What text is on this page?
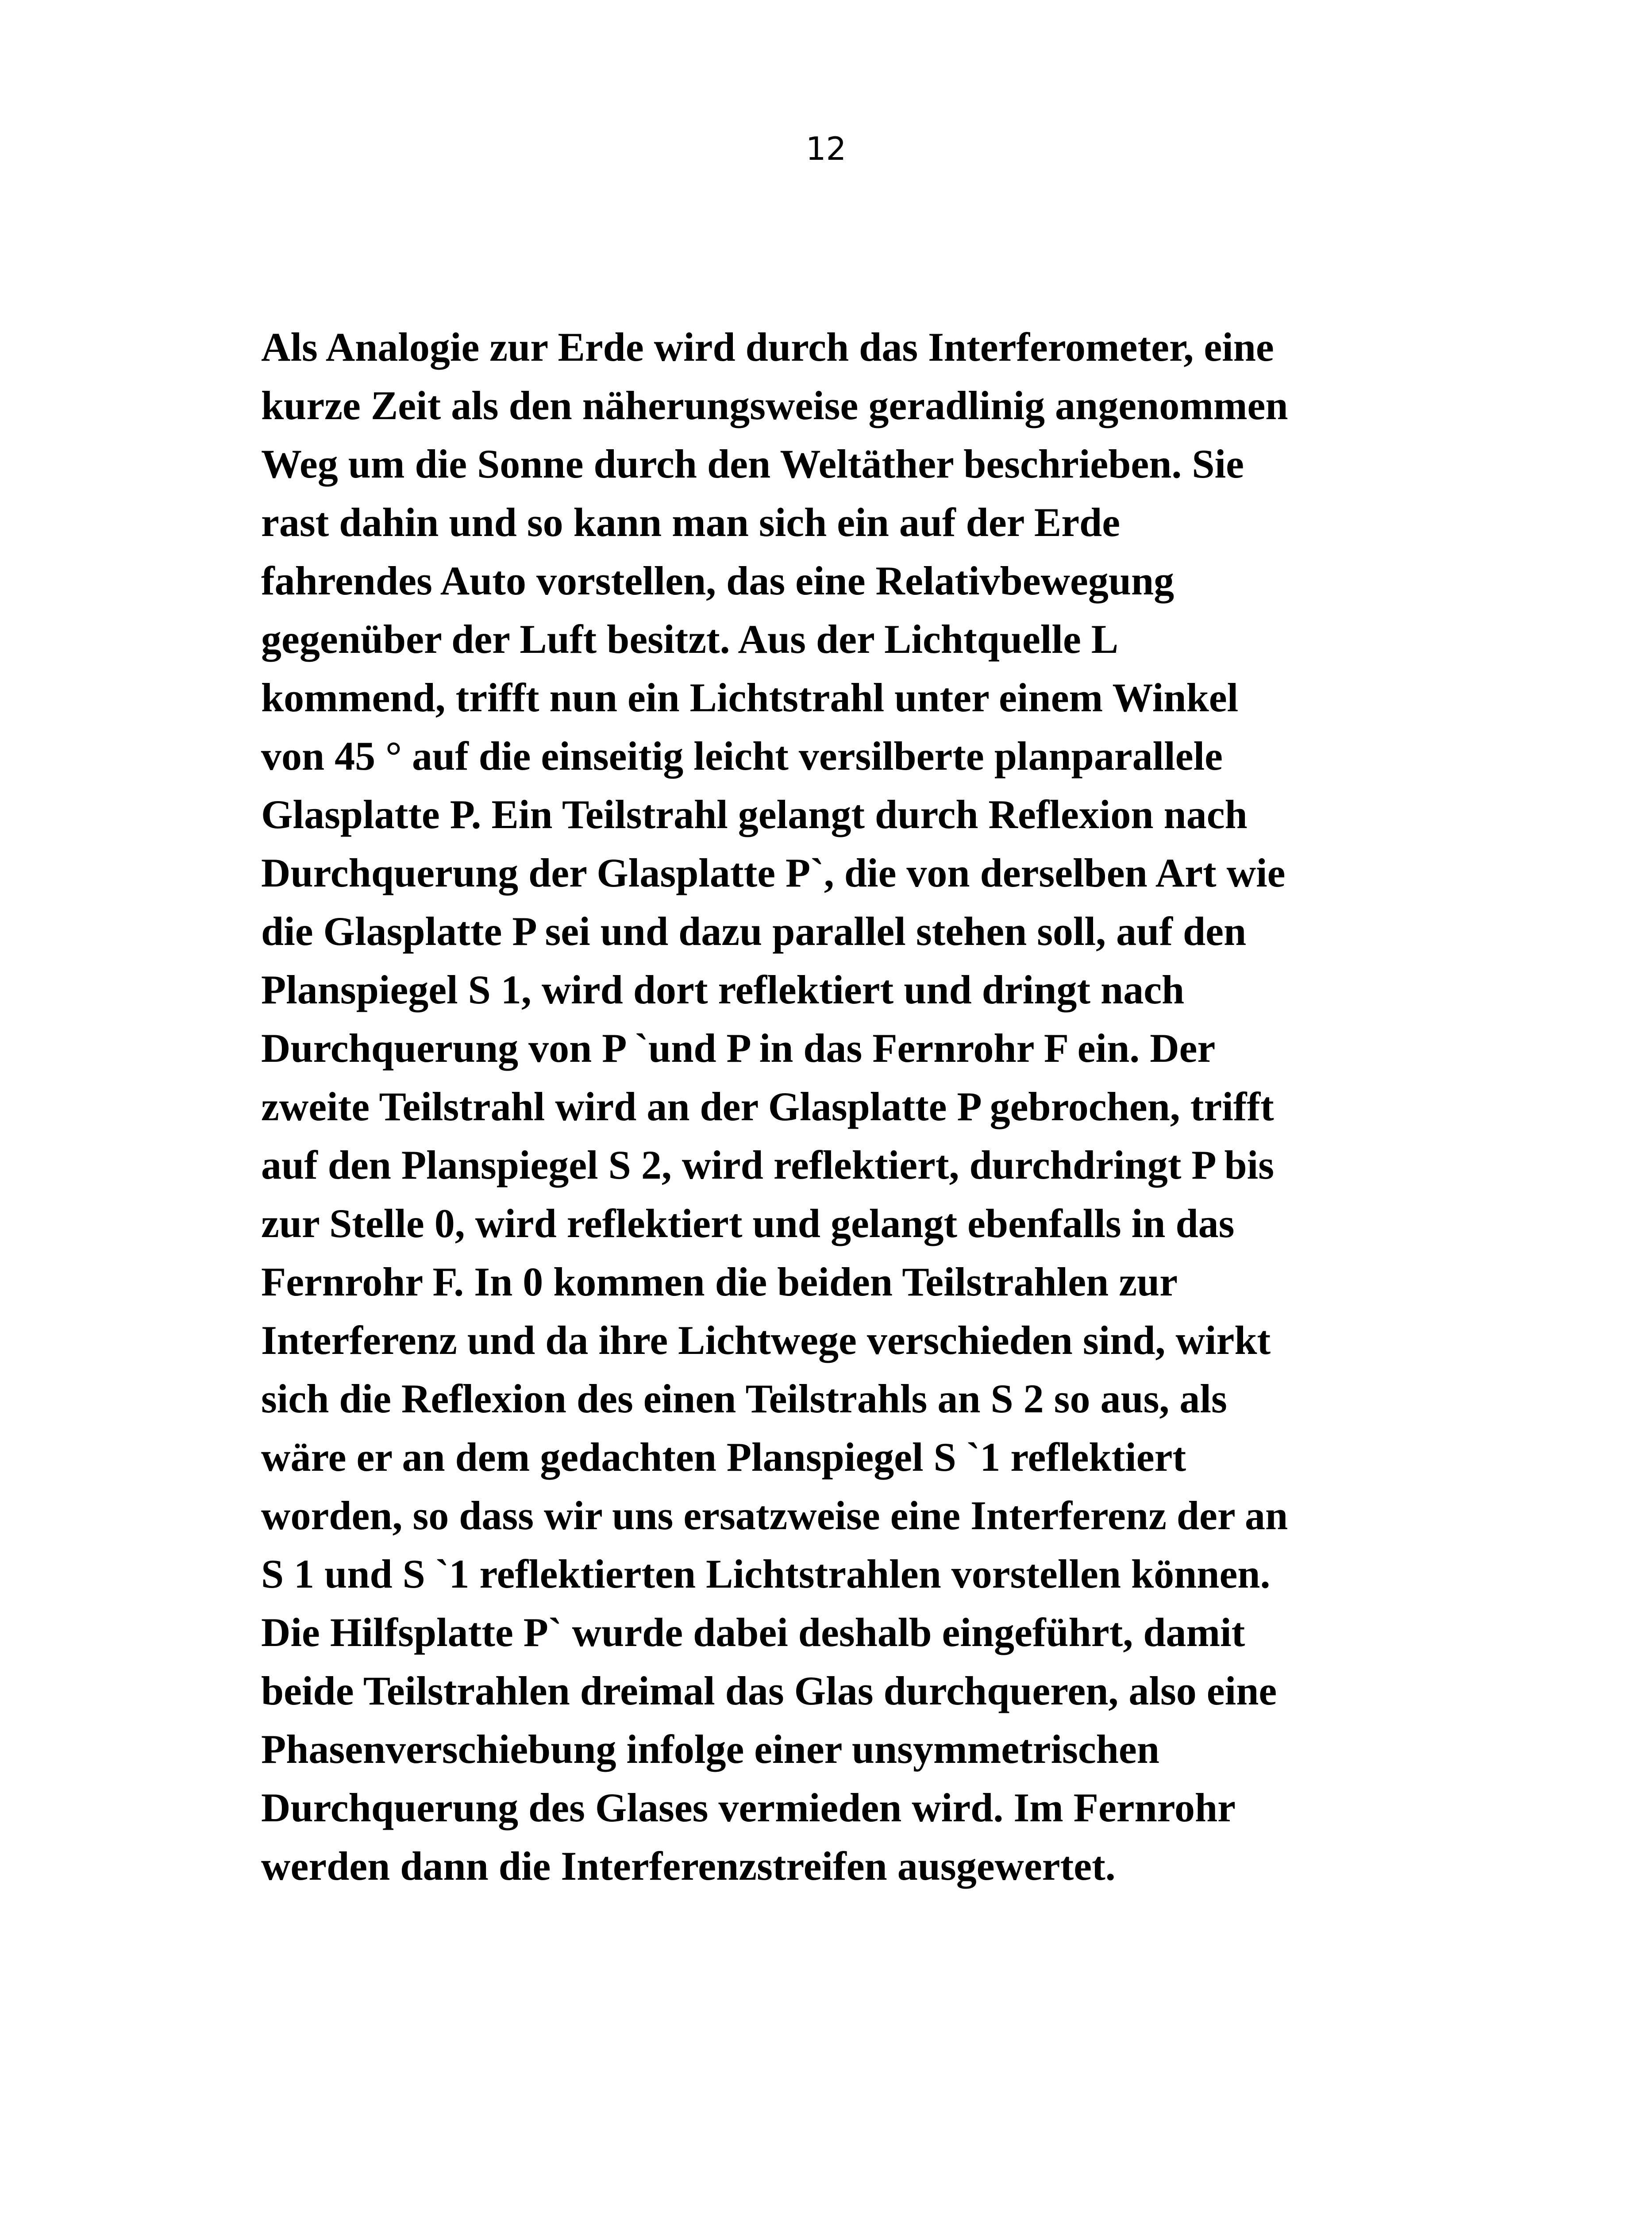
12
Als Analogie zur Erde wird durch das Interferometer, eine
kurze Zeit als den näherungsweise geradlinig angenommen
Weg um die Sonne durch den Weltäther beschrieben. Sie
rast dahin und so kann man sich ein auf der Erde
fahrendes Auto vorstellen, das eine Relativbewegung
gegenüber der Luft besitzt. Aus der Lichtquelle L
kommend, trifft nun ein Lichtstrahl unter einem Winkel
von 45 ° auf die einseitig leicht versilberte planparallele
Glasplatte P. Ein Teilstrahl gelangt durch Reflexion nach
Durchquerung der Glasplatte P`, die von derselben Art wie
die Glasplatte P sei und dazu parallel stehen soll, auf den
Planspiegel S 1, wird dort reflektiert und dringt nach
Durchquerung von P `und P in das Fernrohr F ein. Der
zweite Teilstrahl wird an der Glasplatte P gebrochen, trifft
auf den Planspiegel S 2, wird reflektiert, durchdringt P bis
zur Stelle 0, wird reflektiert und gelangt ebenfalls in das
Fernrohr F. In 0 kommen die beiden Teilstrahlen zur
Interferenz und da ihre Lichtwege verschieden sind, wirkt
sich die Reflexion des einen Teilstrahls an S 2 so aus, als
wäre er an dem gedachten Planspiegel S `1 reflektiert
worden, so dass wir uns ersatzweise eine Interferenz der an
S 1 und S `1 reflektierten Lichtstrahlen vorstellen können.
Die Hilfsplatte P` wurde dabei deshalb eingeführt, damit
beide Teilstrahlen dreimal das Glas durchqueren, also eine
Phasenverschiebung infolge einer unsymmetrischen
Durchquerung des Glases vermieden wird. Im Fernrohr
werden dann die Interferenzstreifen ausgewertet.
